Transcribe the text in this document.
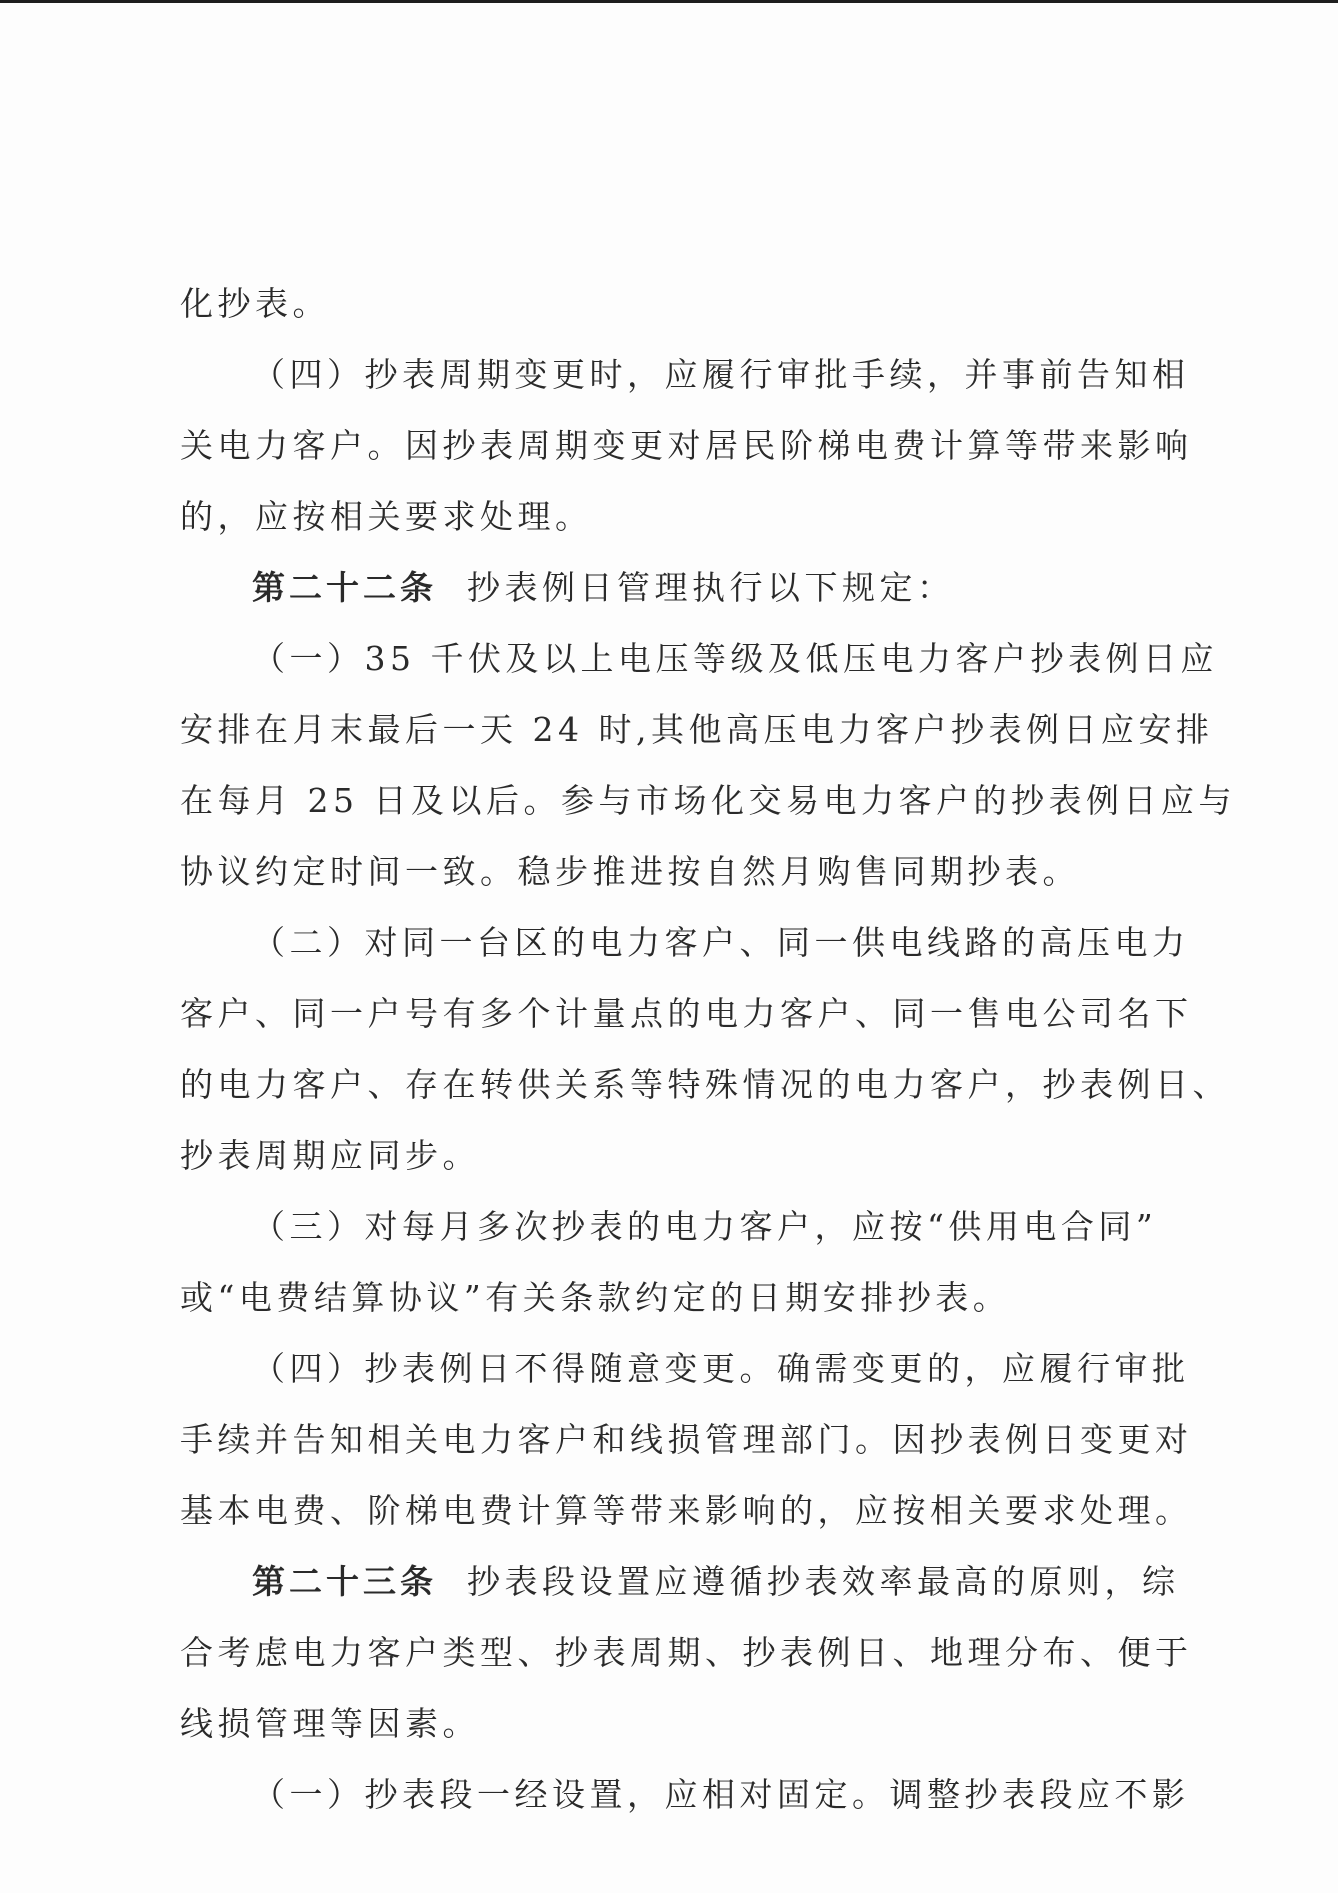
化抄表。
（四）抄表周期变更时，应履行审批手续，并事前告知相
关电力客户。因抄表周期变更对居民阶梯电费计算等带来影响
的，应按相关要求处理。
第二十二条 抄表例日管理执行以下规定：
（一）35 千伏及以上电压等级及低压电力客户抄表例日应
安排在月末最后一天 24 时,其他高压电力客户抄表例日应安排
在每月 25 日及以后。参与市场化交易电力客户的抄表例日应与
协议约定时间一致。稳步推进按自然月购售同期抄表。
（二）对同一台区的电力客户、同一供电线路的高压电力
客户、同一户号有多个计量点的电力客户、同一售电公司名下
的电力客户、存在转供关系等特殊情况的电力客户，抄表例日、
抄表周期应同步。
（三）对每月多次抄表的电力客户，应按“供用电合同”
或“电费结算协议”有关条款约定的日期安排抄表。
（四）抄表例日不得随意变更。确需变更的，应履行审批
手续并告知相关电力客户和线损管理部门。因抄表例日变更对
基本电费、阶梯电费计算等带来影响的，应按相关要求处理。
第二十三条 抄表段设置应遵循抄表效率最高的原则，综
合考虑电力客户类型、抄表周期、抄表例日、地理分布、便于
线损管理等因素。
（一）抄表段一经设置，应相对固定。调整抄表段应不影
